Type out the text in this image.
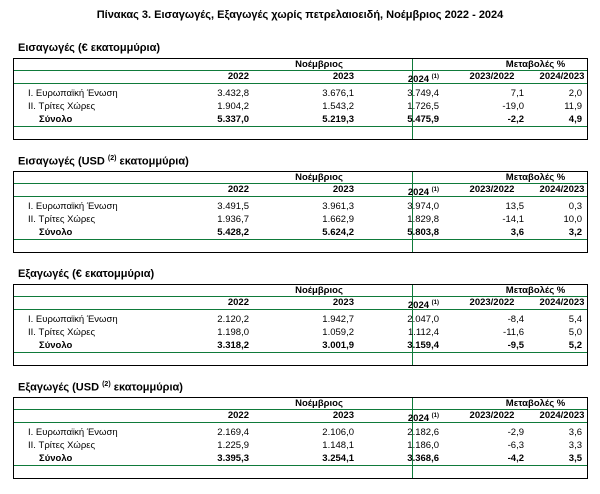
Πίνακας 3. Εισαγωγές, Εξαγωγές χωρίς πετρελαιοειδή, Νοέμβριος 2022 - 2024
Εισαγωγές (€ εκατομμύρια)
Νοέμβριος	Μεταβολές %
2022	2023	2024 $^{(1)}$	2023/2022	2024/2023
I. Ευρωπαϊκή Ένωση	3.432,8	3.676,1	3.749,4	7,1	2,0
II. Τρίτες Χώρες	1.904,2	1.543,2	1.726,5	-19,0	11,9
Σύνολο	5.337,0	5.219,3	5.475,9	-2,2	4,9
Εισαγωγές (USD $^{(2)}$ εκατομμύρια)
Νοέμβριος	Μεταβολές %
2022	2023	2024 $^{(1)}$	2023/2022	2024/2023
I. Ευρωπαϊκή Ένωση	3.491,5	3.961,3	3.974,0	13,5	0,3
II. Τρίτες Χώρες	1.936,7	1.662,9	1.829,8	-14,1	10,0
Σύνολο	5.428,2	5.624,2	5.803,8	3,6	3,2
Εξαγωγές (€ εκατομμύρια)
Νοέμβριος	Μεταβολές %
2022	2023	2024 $^{(1)}$	2023/2022	2024/2023
I. Ευρωπαϊκή Ένωση	2.120,2	1.942,7	2.047,0	-8,4	5,4
II. Τρίτες Χώρες	1.198,0	1.059,2	1.112,4	-11,6	5,0
Σύνολο	3.318,2	3.001,9	3.159,4	-9,5	5,2
Εξαγωγές (USD $^{(2)}$ εκατομμύρια)
Νοέμβριος	Μεταβολές %
2022	2023	2024 $^{(1)}$	2023/2022	2024/2023
I. Ευρωπαϊκή Ένωση	2.169,4	2.106,0	2.182,6	-2,9	3,6
II. Τρίτες Χώρες	1.225,9	1.148,1	1.186,0	-6,3	3,3
Σύνολο	3.395,3	3.254,1	3.368,6	-4,2	3,5
